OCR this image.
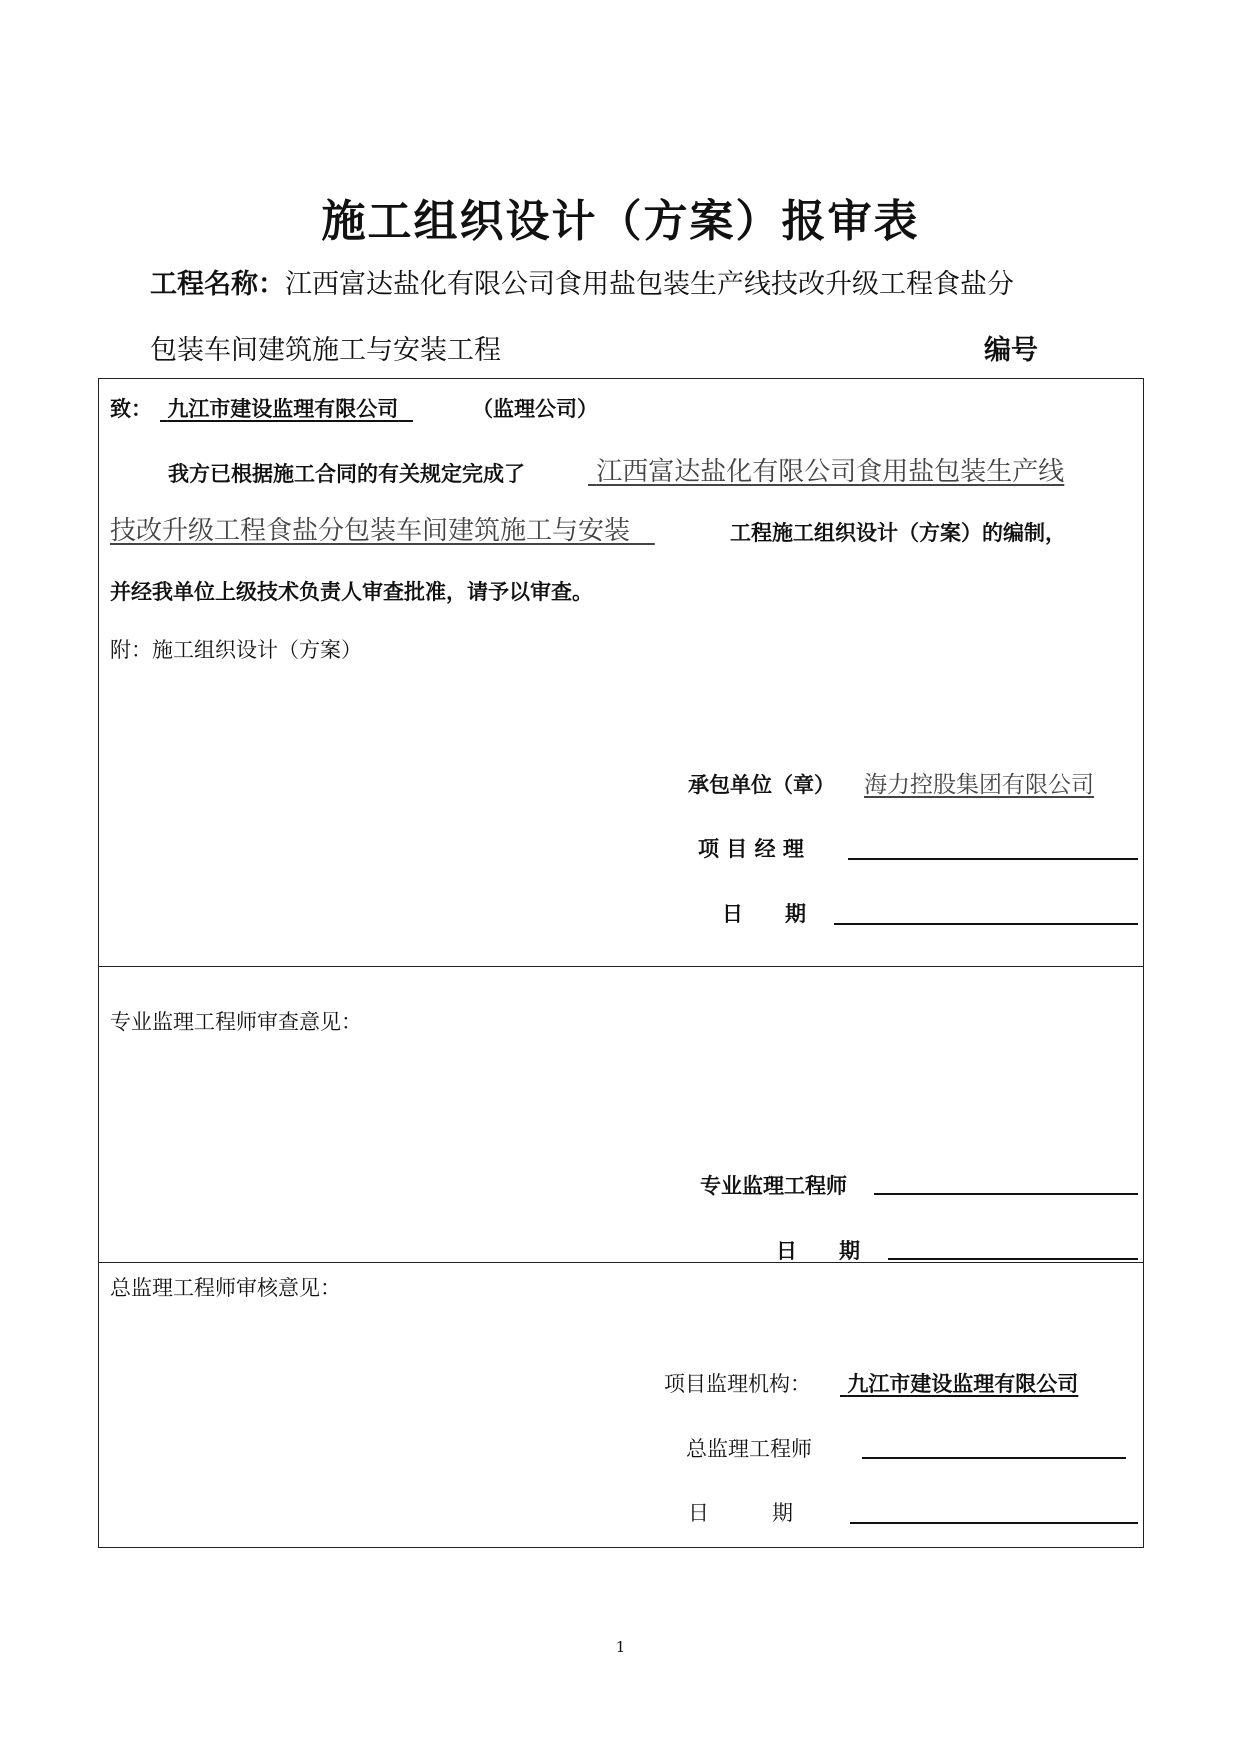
施工组织设计（方案）报审表
工程名称：江西富达盐化有限公司食用盐包装生产线技改升级工程食盐分
包装车间建筑施工与安装工程	编号
致： 九江市建设监理有限公司	（监理公司）
我方已根据施工合同的有关规定完成了	江西富达盐化有限公司食用盐包装生产线
技改升级工程食盐分包装车间建筑施工与安装	工程施工组织设计（方案）的编制，
并经我单位上级技术负责人审查批准，请予以审查。
附：施工组织设计（方案）
承包单位（章） 海力控股集团有限公司
项 目 经 理
日　　期
专业监理工程师审查意见：
专业监理工程师
日　　期
总监理工程师审核意见：
项目监理机构：	九江市建设监理有限公司
总监理工程师
日　　　期
1
